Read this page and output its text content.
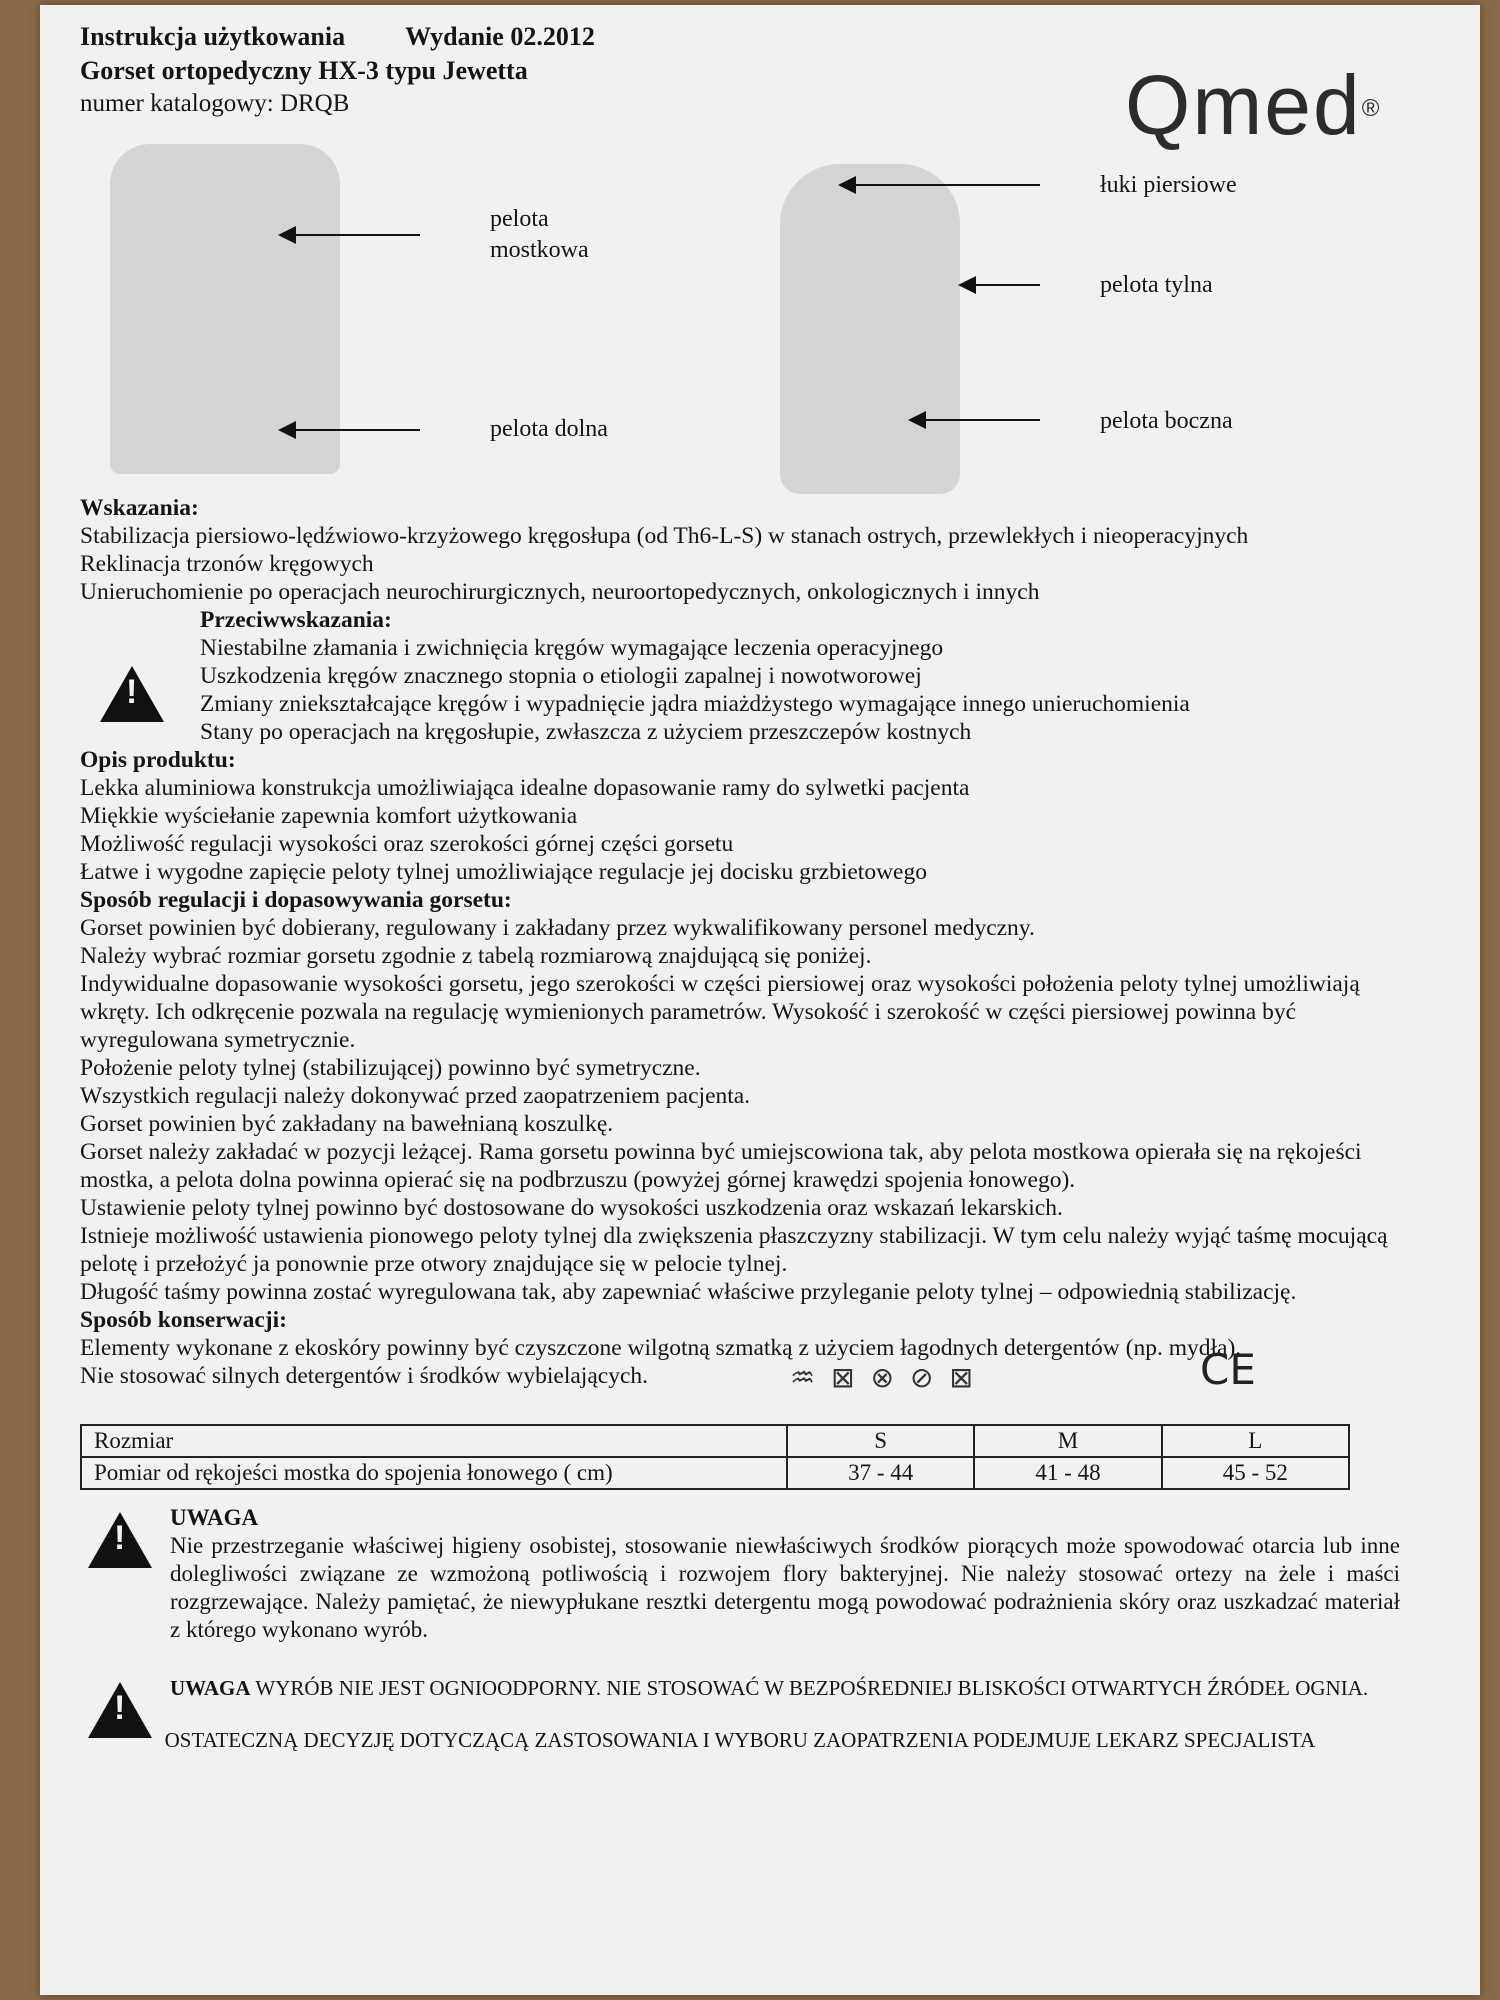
Instrukcja użytkowania Wydanie 02.2012
Gorset ortopedyczny HX-3 typu Jewetta
numer katalogowy: DRQB	Qmed®
pelota mostkowa
pelota dolna
łuki piersiowe
pelota tylna
pelota boczna
Wskazania:
Stabilizacja piersiowo-lędźwiowo-krzyżowego kręgosłupa (od Th6-L-S) w stanach ostrych, przewlekłych i nieoperacyjnych
Reklinacja trzonów kręgowych
Unieruchomienie po operacjach neurochirurgicznych, neuroortopedycznych, onkologicznych i innych
!
Przeciwwskazania:
Niestabilne złamania i zwichnięcia kręgów wymagające leczenia operacyjnego
Uszkodzenia kręgów znacznego stopnia o etiologii zapalnej i nowotworowej
Zmiany zniekształcające kręgów i wypadnięcie jądra miażdżystego wymagające innego unieruchomienia
Stany po operacjach na kręgosłupie, zwłaszcza z użyciem przeszczepów kostnych
Opis produktu:
Lekka aluminiowa konstrukcja umożliwiająca idealne dopasowanie ramy do sylwetki pacjenta
Miękkie wyściełanie zapewnia komfort użytkowania
Możliwość regulacji wysokości oraz szerokości górnej części gorsetu
Łatwe i wygodne zapięcie peloty tylnej umożliwiające regulacje jej docisku grzbietowego
Sposób regulacji i dopasowywania gorsetu:
Gorset powinien być dobierany, regulowany i zakładany przez wykwalifikowany personel medyczny.
Należy wybrać rozmiar gorsetu zgodnie z tabelą rozmiarową znajdującą się poniżej.
Indywidualne dopasowanie wysokości gorsetu, jego szerokości w części piersiowej oraz wysokości położenia peloty tylnej umożliwiają wkręty. Ich odkręcenie pozwala na regulację wymienionych parametrów. Wysokość i szerokość w części piersiowej powinna być wyregulowana symetrycznie.
Położenie peloty tylnej (stabilizującej) powinno być symetryczne.
Wszystkich regulacji należy dokonywać przed zaopatrzeniem pacjenta.
Gorset powinien być zakładany na bawełnianą koszulkę.
Gorset należy zakładać w pozycji leżącej. Rama gorsetu powinna być umiejscowiona tak, aby pelota mostkowa opierała się na rękojeści mostka, a pelota dolna powinna opierać się na podbrzuszu (powyżej górnej krawędzi spojenia łonowego).
Ustawienie peloty tylnej powinno być dostosowane do wysokości uszkodzenia oraz wskazań lekarskich.
Istnieje możliwość ustawienia pionowego peloty tylnej dla zwiększenia płaszczyzny stabilizacji. W tym celu należy wyjąć taśmę mocującą pelotę i przełożyć ja ponownie prze otwory znajdujące się w pelocie tylnej.
Długość taśmy powinna zostać wyregulowana tak, aby zapewniać właściwe przyleganie peloty tylnej – odpowiednią stabilizację.
Sposób konserwacji:
Elementy wykonane z ekoskóry powinny być czyszczone wilgotną szmatką z użyciem łagodnych detergentów (np. mydła).
Nie stosować silnych detergentów i środków wybielających.	♒⊠⊗⊘⊠	CE
Rozmiar	S	M	L
Pomiar od rękojeści mostka do spojenia łonowego ( cm)	37 - 44	41 - 48	45 - 52
!
UWAGA
Nie przestrzeganie właściwej higieny osobistej, stosowanie niewłaściwych środków piorących może spowodować otarcia lub inne dolegliwości związane ze wzmożoną potliwością i rozwojem flory bakteryjnej. Nie należy stosować ortezy na żele i maści rozgrzewające. Należy pamiętać, że niewypłukane resztki detergentu mogą powodować podrażnienia skóry oraz uszkadzać materiał z którego wykonano wyrób.
!
UWAGA WYRÓB NIE JEST OGNIOODPORNY. NIE STOSOWAĆ W BEZPOŚREDNIEJ BLISKOŚCI OTWARTYCH ŹRÓDEŁ OGNIA.
OSTATECZNĄ DECYZJĘ DOTYCZĄCĄ ZASTOSOWANIA I WYBORU ZAOPATRZENIA PODEJMUJE LEKARZ SPECJALISTA
